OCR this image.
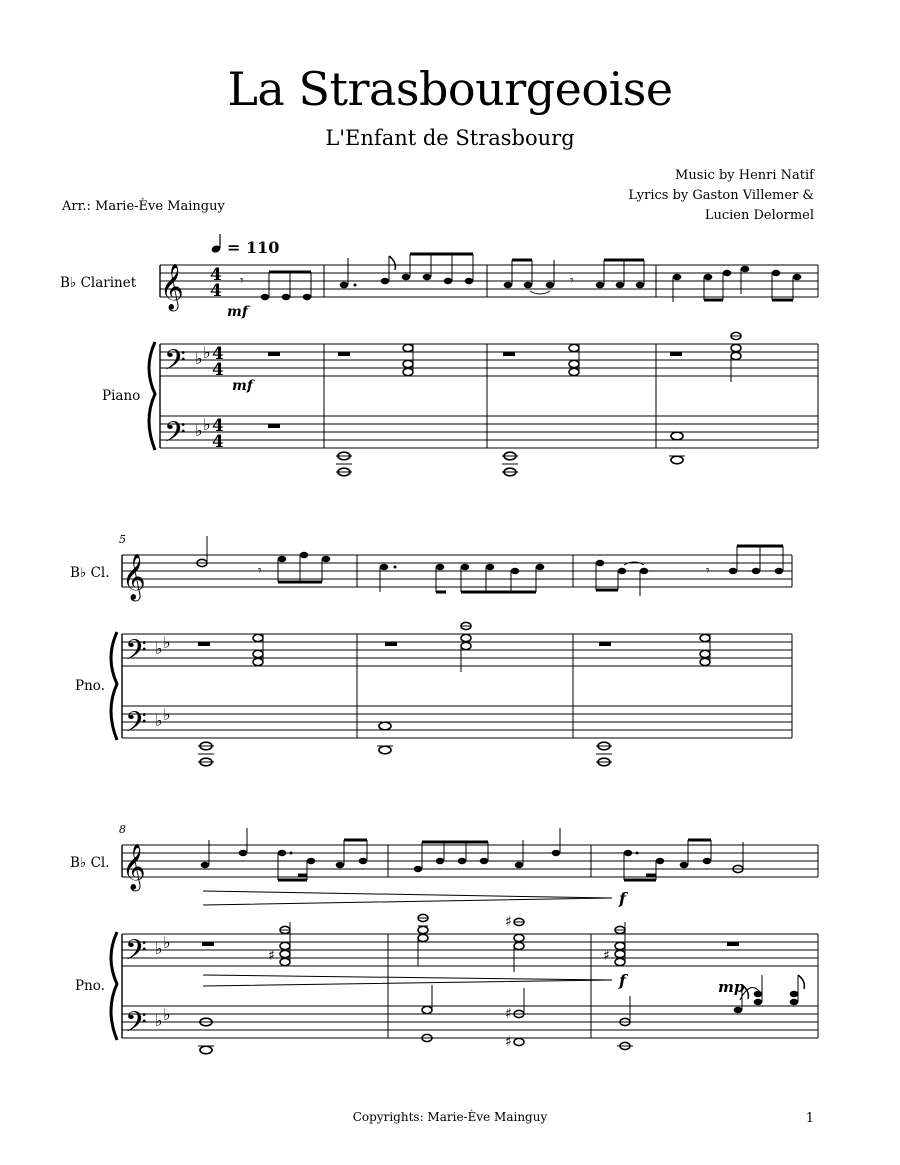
La Strasbourgeoise
L'Enfant de Strasbourg
Music by Henri Natif
Lyrics by Gaston Villemer &
Lucien Delormel
Arr.: Marie-Ève Mainguy
= 110
B♭ Clarinet 𝄞 4
4 𝄾
mf
𝄾
Piano
𝄢
𝄢
♭ ♭
♭ ♭
4
4
4
4
mf
5
B♭ Cl. 𝄞	𝄾	𝄾
Pno.
𝄢
𝄢
♭ ♭
♭ ♭
8
B♭ Cl. 𝄞
f
Pno.
𝄢
𝄢
♭ ♭
♭ ♭
♯
♯
♯
f	mp
♯
♯
Copyrights: Marie-Ève Mainguy	1
